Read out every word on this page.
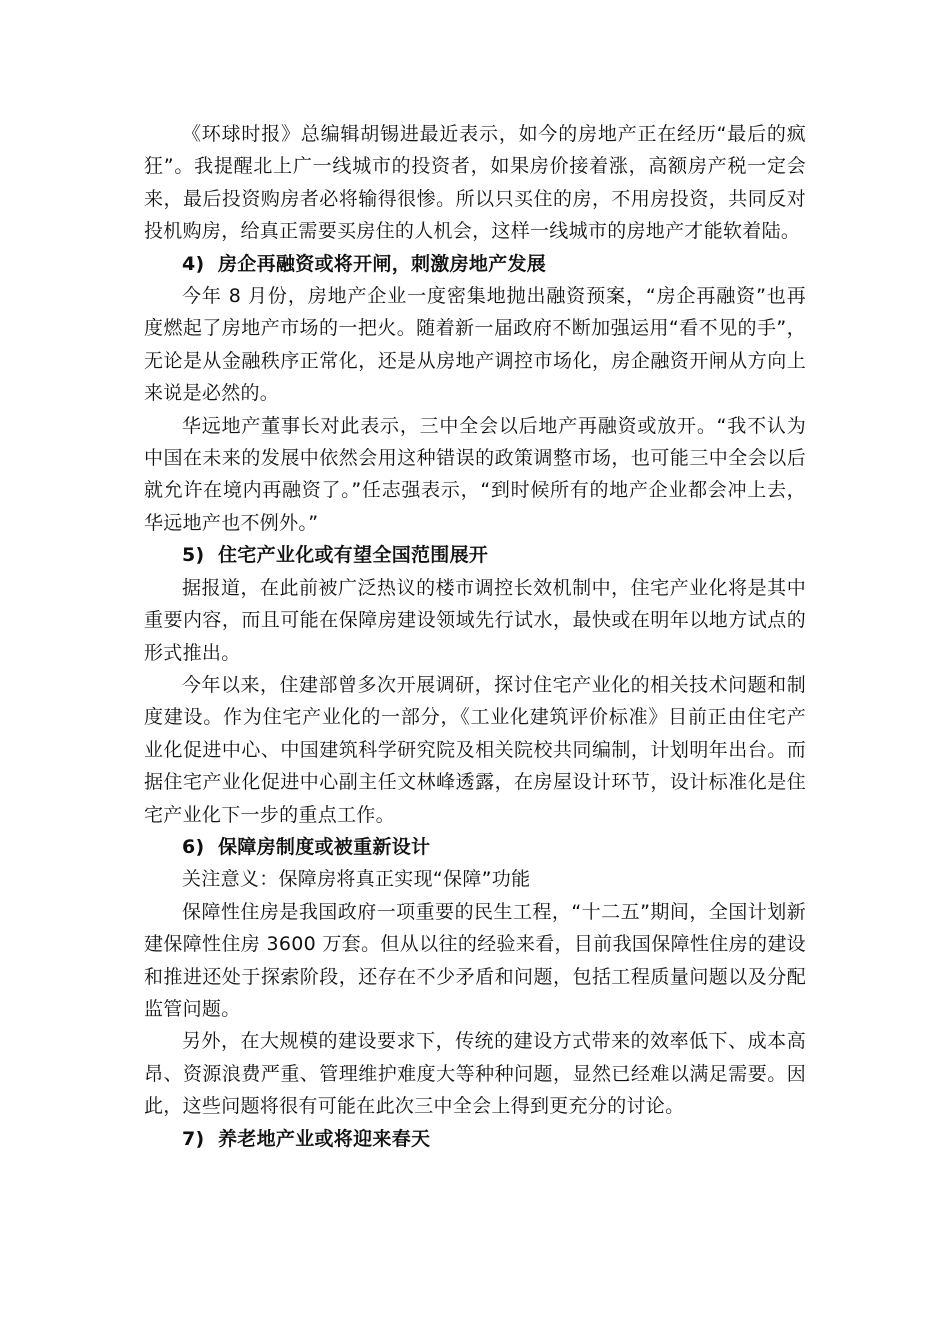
《环球时报》总编辑胡锡进最近表示，如今的房地产正在经历“最后的疯狂”。我提醒北上广一线城市的投资者，如果房价接着涨，高额房产税一定会来，最后投资购房者必将输得很惨。所以只买住的房，不用房投资，共同反对投机购房，给真正需要买房住的人机会，这样一线城市的房地产才能软着陆。

4) 房企再融资或将开闸，刺激房地产发展

今年 8 月份，房地产企业一度密集地抛出融资预案，“房企再融资”也再度燃起了房地产市场的一把火。随着新一届政府不断加强运用“看不见的手”，无论是从金融秩序正常化，还是从房地产调控市场化，房企融资开闸从方向上来说是必然的。

华远地产董事长对此表示，三中全会以后地产再融资或放开。“我不认为中国在未来的发展中依然会用这种错误的政策调整市场，也可能三中全会以后就允许在境内再融资了。”任志强表示，“到时候所有的地产企业都会冲上去，华远地产也不例外。”

5) 住宅产业化或有望全国范围展开

据报道，在此前被广泛热议的楼市调控长效机制中，住宅产业化将是其中重要内容，而且可能在保障房建设领域先行试水，最快或在明年以地方试点的形式推出。

今年以来，住建部曾多次开展调研，探讨住宅产业化的相关技术问题和制度建设。作为住宅产业化的一部分，《工业化建筑评价标准》目前正由住宅产业化促进中心、中国建筑科学研究院及相关院校共同编制，计划明年出台。而据住宅产业化促进中心副主任文林峰透露，在房屋设计环节，设计标准化是住宅产业化下一步的重点工作。

6) 保障房制度或被重新设计

关注意义：保障房将真正实现“保障”功能

保障性住房是我国政府一项重要的民生工程，“十二五”期间，全国计划新建保障性住房 3600 万套。但从以往的经验来看，目前我国保障性住房的建设和推进还处于探索阶段，还存在不少矛盾和问题，包括工程质量问题以及分配监管问题。

另外，在大规模的建设要求下，传统的建设方式带来的效率低下、成本高昂、资源浪费严重、管理维护难度大等种种问题，显然已经难以满足需要。因此，这些问题将很有可能在此次三中全会上得到更充分的讨论。

7) 养老地产业或将迎来春天
